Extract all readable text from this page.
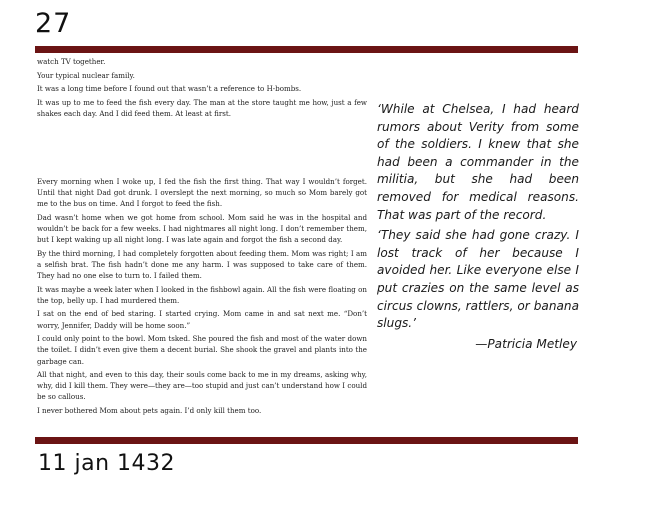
27

watch TV together.

Your typical nuclear family.

It was a long time before I found out that wasn’t a reference to H-bombs.

It was up to me to feed the fish every day. The man at the store taught me how, just a few shakes each day. And I did feed them. At least at first.

Every morning when I woke up, I fed the fish the first thing. That way I wouldn’t forget. Until that night Dad got drunk. I overslept the next morning, so much so Mom barely got me to the bus on time. And I forgot to feed the fish.

Dad wasn’t home when we got home from school. Mom said he was in the hospital and wouldn’t be back for a few weeks. I had nightmares all night long. I don’t remember them, but I kept waking up all night long. I was late again and forgot the fish a second day.

By the third morning, I had completely forgotten about feeding them. Mom was right; I am a selfish brat. The fish hadn’t done me any harm. I was supposed to take care of them. They had no one else to turn to. I failed them.

It was maybe a week later when I looked in the fishbowl again. All the fish were floating on the top, belly up. I had murdered them.

I sat on the end of bed staring. I started crying. Mom came in and sat next me. “Don’t worry, Jennifer, Daddy will be home soon.”

I could only point to the bowl. Mom tsked. She poured the fish and most of the water down the toilet. I didn’t even give them a decent burial. She shook the gravel and plants into the garbage can.

All that night, and even to this day, their souls come back to me in my dreams, asking why, why, did I kill them. They were—they are—too stupid and just can’t understand how I could be so callous.

I never bothered Mom about pets again. I’d only kill them too.

‘While at Chelsea, I had heard rumors about Verity from some of the soldiers. I knew that she had been a commander in the militia, but she had been removed for medical reasons. That was part of the record.

‘They said she had gone crazy. I lost track of her because I avoided her. Like everyone else I put crazies on the same level as circus clowns, rattlers, or banana slugs.’

—Patricia Metley

11 jan 1432
